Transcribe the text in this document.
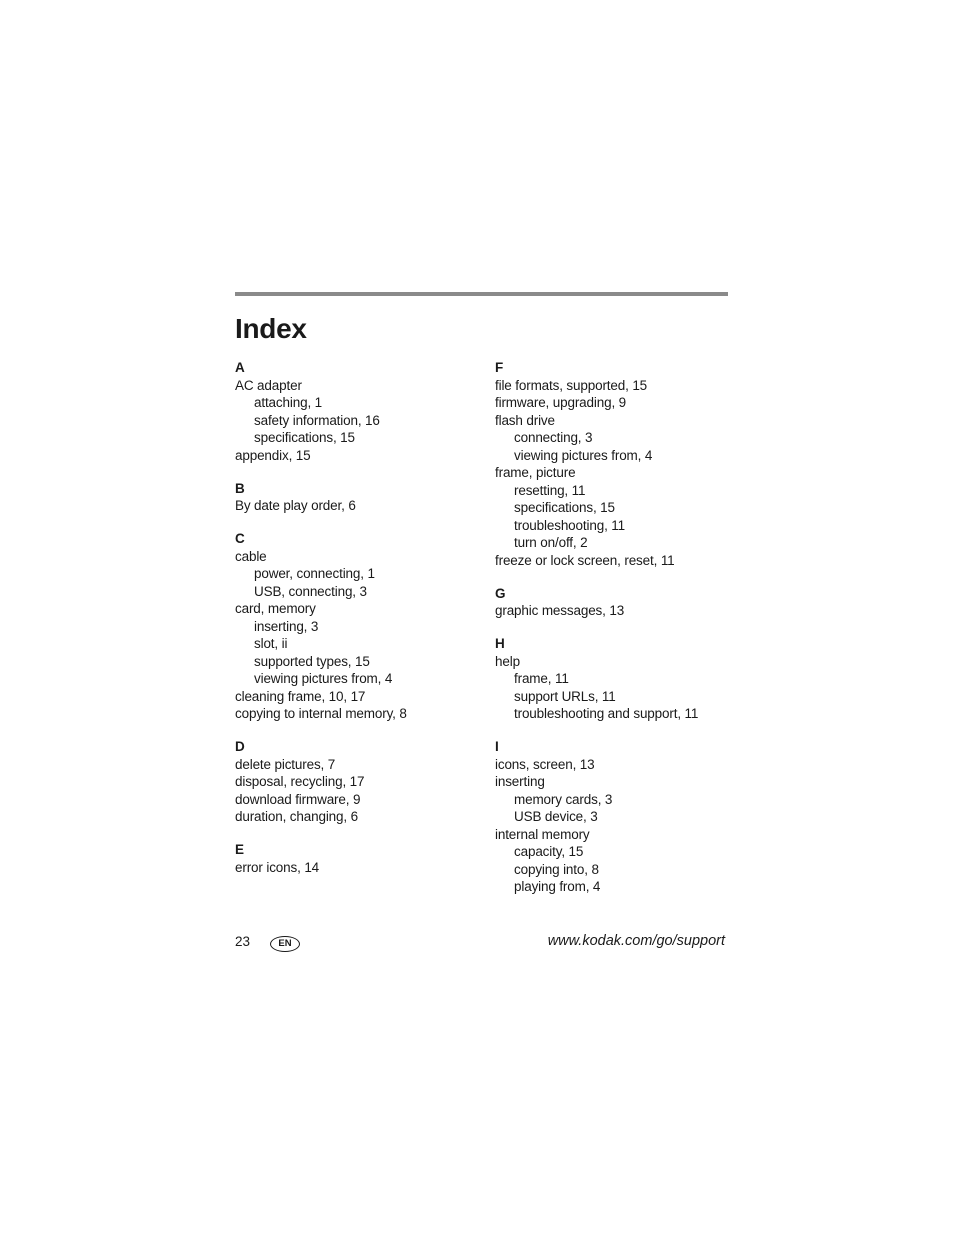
Index
A
AC adapter
attaching, 1
safety information, 16
specifications, 15
appendix, 15
B
By date play order, 6
C
cable
power, connecting, 1
USB, connecting, 3
card, memory
inserting, 3
slot, ii
supported types, 15
viewing pictures from, 4
cleaning frame, 10, 17
copying to internal memory, 8
D
delete pictures, 7
disposal, recycling, 17
download firmware, 9
duration, changing, 6
E
error icons, 14
F
file formats, supported, 15
firmware, upgrading, 9
flash drive
connecting, 3
viewing pictures from, 4
frame, picture
resetting, 11
specifications, 15
troubleshooting, 11
turn on/off, 2
freeze or lock screen, reset, 11
G
graphic messages, 13
H
help
frame, 11
support URLs, 11
troubleshooting and support, 11
I
icons, screen, 13
inserting
memory cards, 3
USB device, 3
internal memory
capacity, 15
copying into, 8
playing from, 4
23	EN	www.kodak.com/go/support
